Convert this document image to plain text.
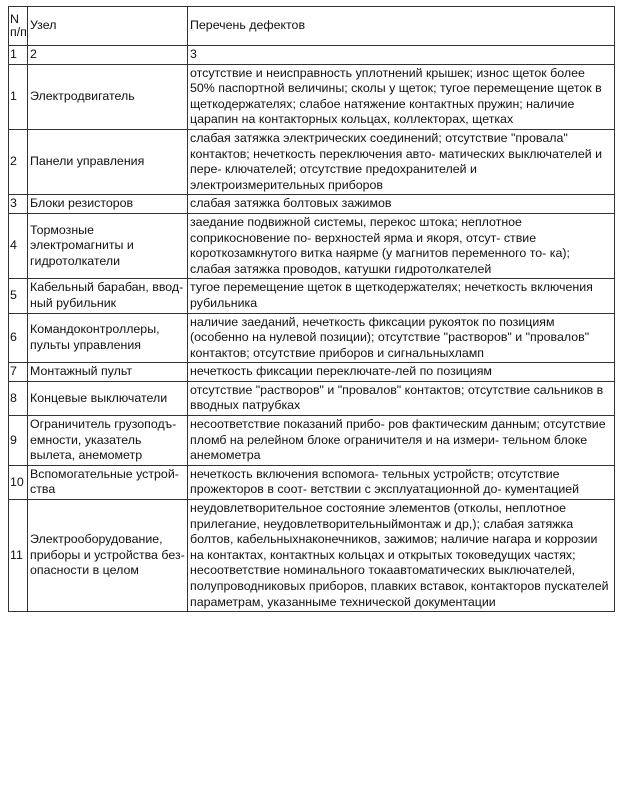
N п/п	Узел	Перечень дефектов
1	2	3
1	Электродвигатель	отсутствие и неисправность уплотнений крышек; износ щеток более 50% паспортной величины; сколы у щеток; тугое перемещение щеток в щеткодержателях; слабое натяжение контактных пружин; наличие царапин на контакторных кольцах, коллекторах, щетках
2	Панели управления	слабая затяжка электрических соединений; отсутствие "провала" контактов; нечеткость переключения авто- матических выключателей и пере- ключателей; отсутствие предохранителей и электроизмерительных приборов
3	Блоки резисторов	слабая затяжка болтовых зажимов
4	Тормозные электромагниты и гидротолкатели	заедание подвижной системы, перекос штока; неплотное соприкосновение по- верхностей ярма и якоря, отсут- ствие короткозамкнутого витка наярме (у магнитов переменного то- ка); слабая затяжка проводов, катушки гидротолкателей
5	Кабельный барабан, ввод- ный рубильник	тугое перемещение щеток в щеткодержателях; нечеткость включения рубильника
6	Командоконтроллеры, пульты управления	наличие заеданий, нечеткость фиксации рукояток по позициям (особенно на нулевой позиции); отсутствие "растворов" и "провалов" контактов; отсутствие приборов и сигнальныхламп
7	Монтажный пульт	нечеткость фиксации переключате-лей по позициям
8	Концевые выключатели	отсутствие "растворов" и "провалов" контактов; отсутствие сальников в вводных патрубках
9	Ограничитель грузоподъ- емности, указатель вылета, анемометр	несоответствие показаний прибо- ров фактическим данным; отсутствие пломб на релейном блоке ограничителя и на измери- тельном блоке анемометра
10	Вспомогательные устрой- ства	нечеткость включения вспомога- тельных устройств; отсутствие прожекторов в соот- ветствии с эксплуатационной до- кументацией
11	Электрооборудование, приборы и устройства без- опасности в целом	неудовлетворительное состояние элементов (отколы, неплотное прилегание, неудовлетворительныймонтаж и др,); слабая затяжка болтов, кабельныхнаконечников, зажимов; наличие нагара и коррозии на контактах, контактных кольцах и открытых токоведущих частях; несоответствие номинального токаавтоматических выключателей, полупроводниковых приборов, плавких вставок, контакторов пускателей параметрам, указанныме технической документации
